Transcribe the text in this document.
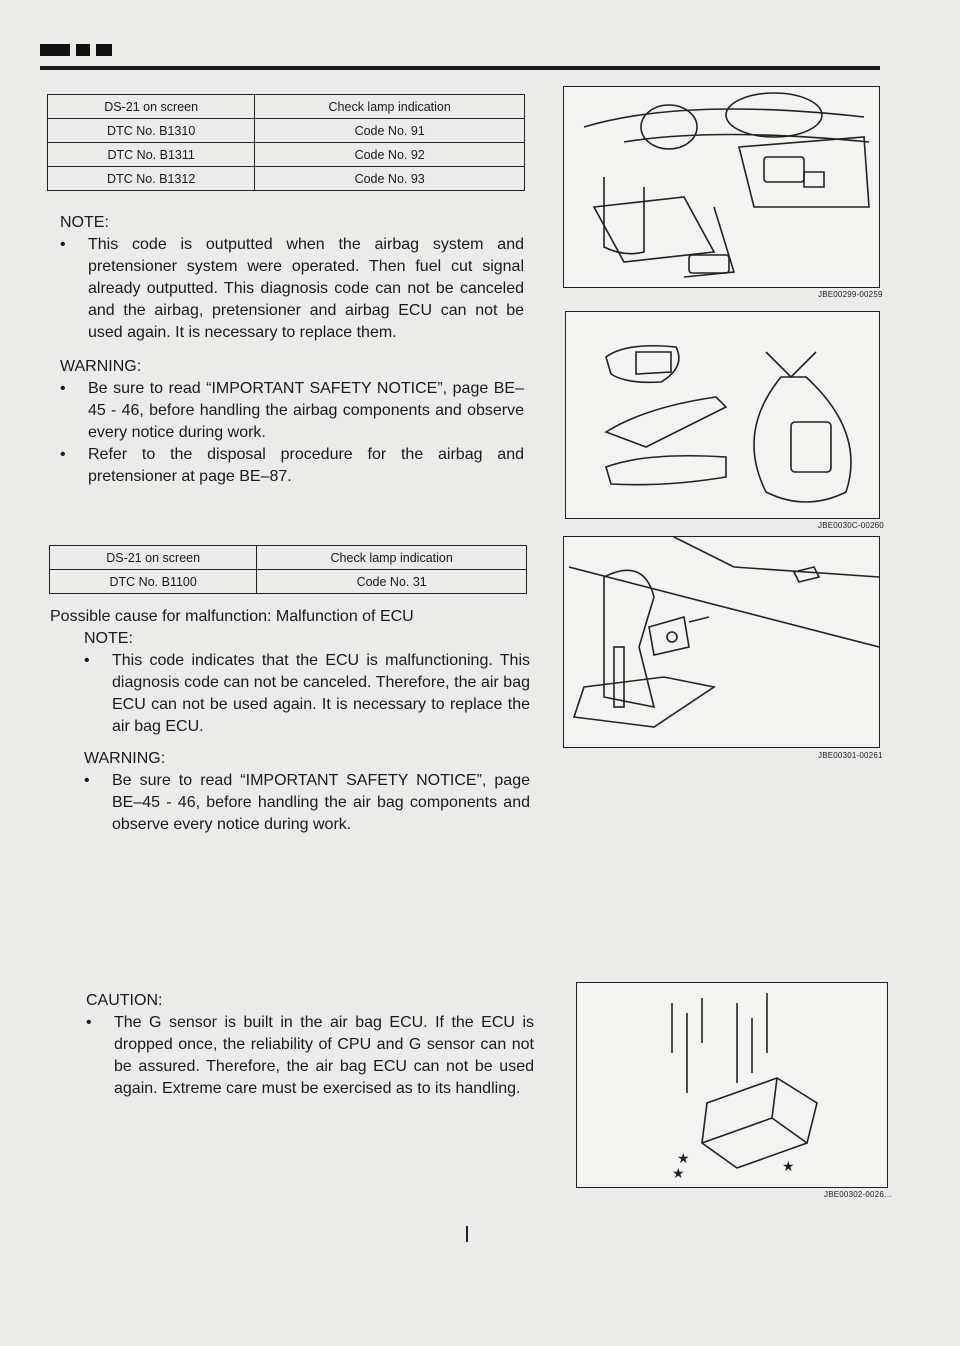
DS-21 on screen	Check lamp indication
DTC No. B1310	Code No. 91
DTC No. B1311	Code No. 92
DTC No. B1312	Code No. 93

NOTE:

• This code is outputted when the airbag system and pretensioner system were operated. Then fuel cut signal already outputted. This diagnosis code can not be canceled and the airbag, pretensioner and airbag ECU can not be used again. It is necessary to replace them.

WARNING:

• Be sure to read “IMPORTANT SAFETY NOTICE”, page BE–45 - 46, before handling the airbag components and observe every notice during work.
• Refer to the disposal procedure for the airbag and pretensioner at page BE–87.
DS-21 on screen	Check lamp indication
DTC No. B1100	Code No. 31

Possible cause for malfunction: Malfunction of ECU

NOTE:

• This code indicates that the ECU is malfunctioning. This diagnosis code can not be canceled. Therefore, the air bag ECU can not be used again. It is necessary to replace the air bag ECU.

WARNING:

• Be sure to read “IMPORTANT SAFETY NOTICE”, page BE–45 - 46, before handling the air bag components and observe every notice during work.

CAUTION:

• The G sensor is built in the air bag ECU. If the ECU is dropped once, the reliability of CPU and G sensor can not be assured. Therefore, the air bag ECU can not be used again. Extreme care must be exercised as to its handling.
JBE00299-00259
JBE0030C-00260
JBE00301-00261
★
★	★
JBE00302-0026…
